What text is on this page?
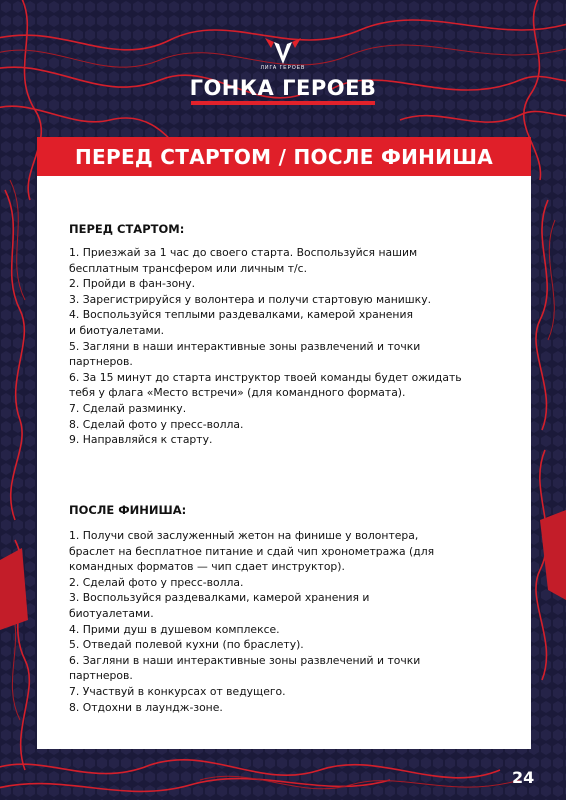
ЛИГА ГЕРОЕВ
ГОНКА ГЕРОЕВ
ПЕРЕД СТАРТОМ / ПОСЛЕ ФИНИША
ПЕРЕД СТАРТОМ:
1. Приезжай за 1 час до своего старта. Воспользуйся нашим
бесплатным трансфером или личным т/с.
2. Пройди в фан-зону.
3. Зарегистрируйся у волонтера и получи стартовую манишку.
4. Воспользуйся теплыми раздевалками, камерой хранения
и биотуалетами.
5. Загляни в наши интерактивные зоны развлечений и точки
партнеров.
6. За 15 минут до старта инструктор твоей команды будет ожидать
тебя у флага «Место встречи» (для командного формата).
7. Сделай разминку.
8. Сделай фото у пресс-волла.
9. Направляйся к старту.
ПОСЛЕ ФИНИША:
1. Получи свой заслуженный жетон на финише у волонтера,
браслет на бесплатное питание и сдай чип хронометража (для
командных форматов — чип сдает инструктор).
2. Сделай фото у пресс-волла.
3. Воспользуйся раздевалками, камерой хранения и
биотуалетами.
4. Прими душ в душевом комплексе.
5. Отведай полевой кухни (по браслету).
6. Загляни в наши интерактивные зоны развлечений и точки
партнеров.
7. Участвуй в конкурсах от ведущего.
8. Отдохни в лаундж-зоне.
24
